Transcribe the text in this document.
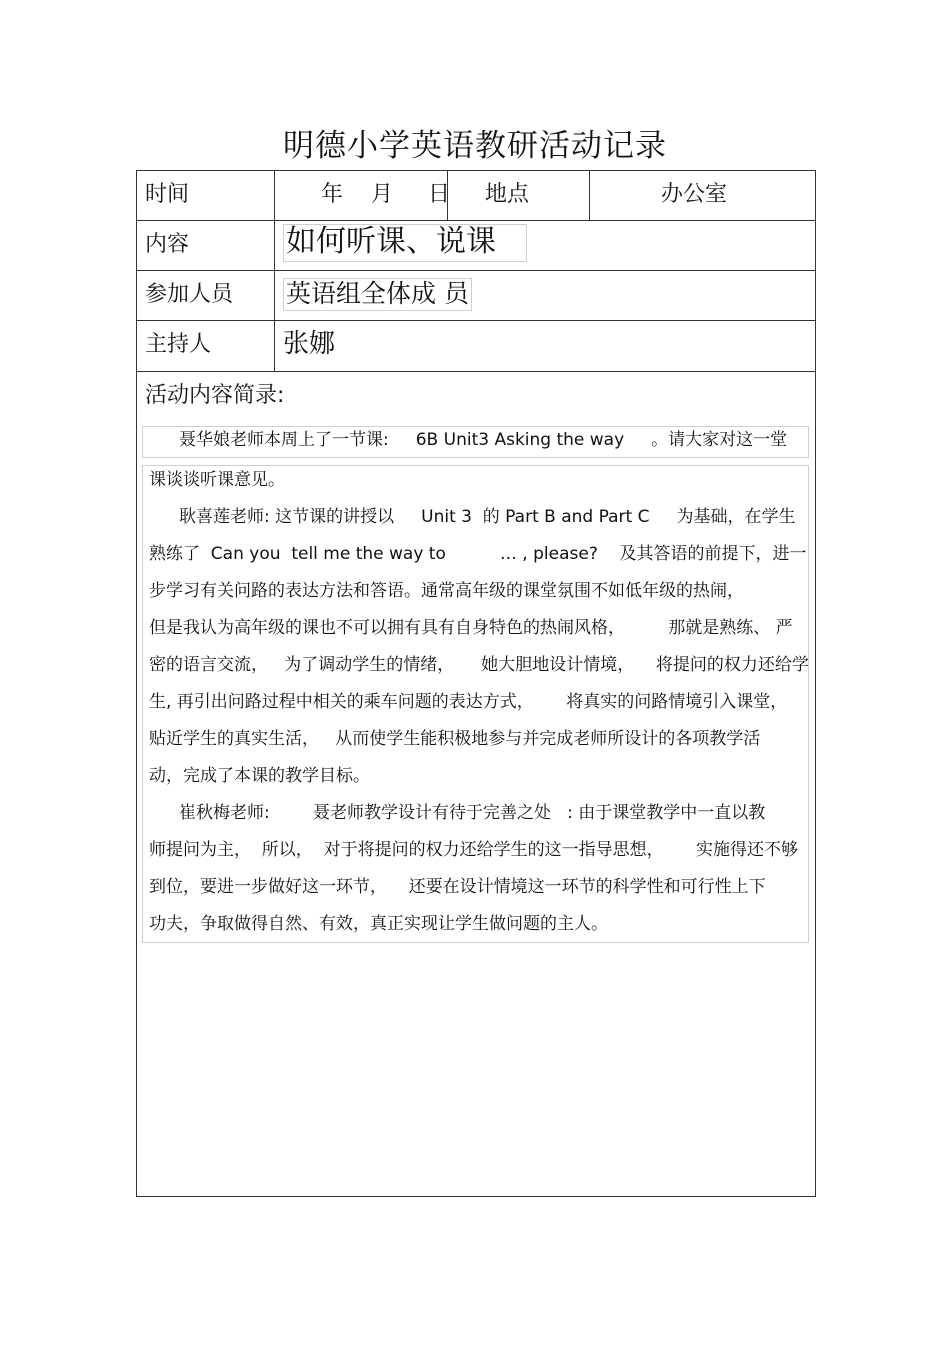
明德小学英语教研活动记录
时间	年    月     日 地点	办公室
内容	如何听课、说课
参加人员 英语组全体成 员
主持人	张娜
活动内容简录:
聂华娘老师本周上了一节课:     6B Unit3 Asking the way     。请大家对这一堂
课谈谈听课意见。
耿喜莲老师: 这节课的讲授以     Unit 3  的 Part B and Part C     为基础，在学生
熟练了  Can you  tell me the way to          … , please?    及其答语的前提下，进一
步学习有关问路的表达方法和答语。通常高年级的课堂氛围不如低年级的热闹，
但是我认为高年级的课也不可以拥有具有自身特色的热闹风格，        那就是熟练、 严
密的语言交流，   为了调动学生的情绪，     她大胆地设计情境，    将提问的权力还给学
生, 再引出问路过程中相关的乘车问题的表达方式，      将真实的问路情境引入课堂，
贴近学生的真实生活，   从而使学生能积极地参与并完成老师所设计的各项教学活
动，完成了本课的教学目标。
崔秋梅老师:        聂老师教学设计有待于完善之处   : 由于课堂教学中一直以教
师提问为主，  所以，  对于将提问的权力还给学生的这一指导思想，      实施得还不够
到位，要进一步做好这一环节，    还要在设计情境这一环节的科学性和可行性上下
功夫，争取做得自然、有效，真正实现让学生做问题的主人。
